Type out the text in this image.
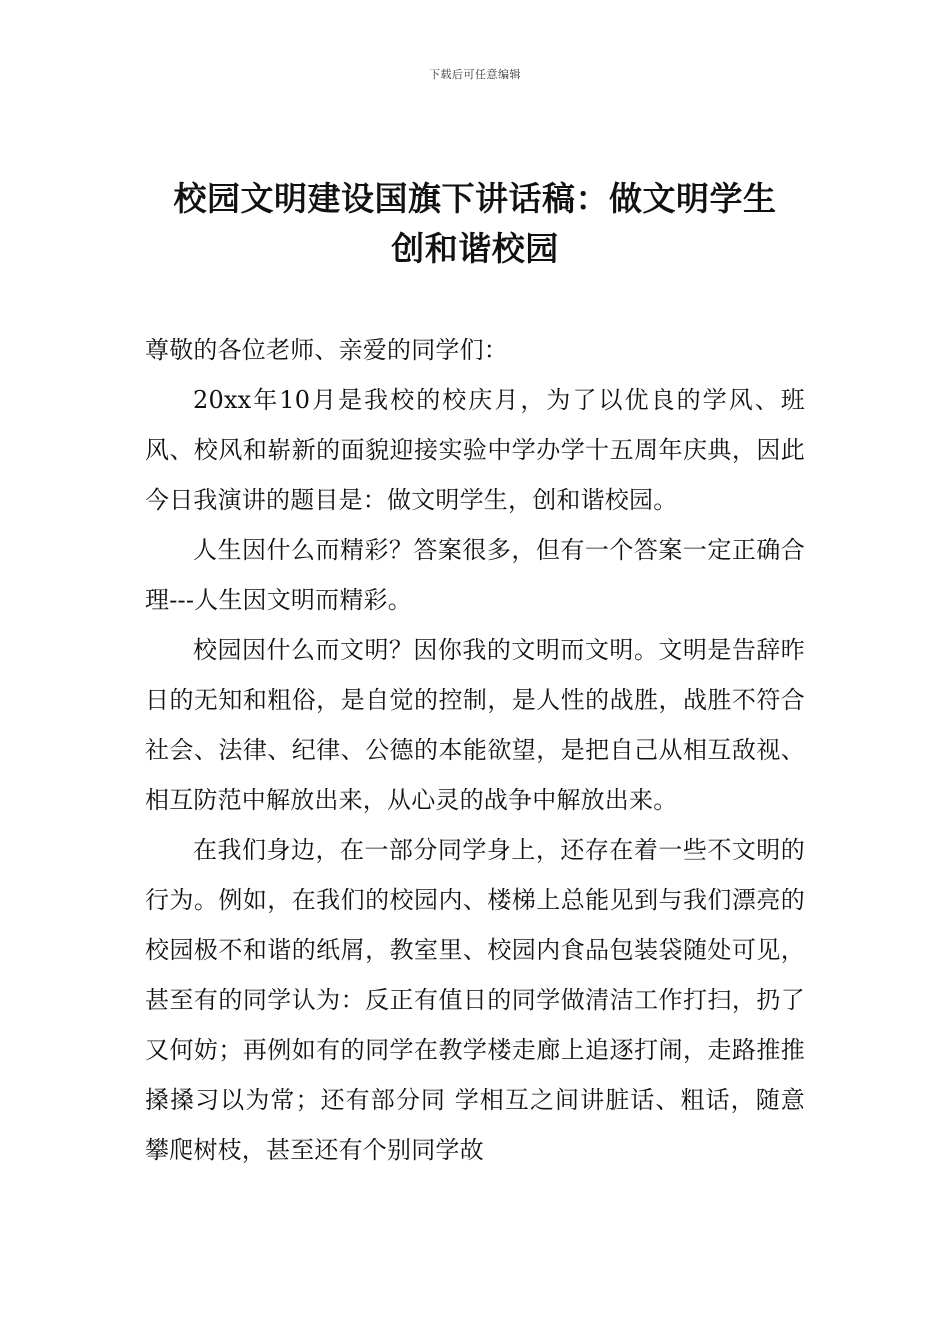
下载后可任意编辑
校园文明建设国旗下讲话稿：做文明学生
创和谐校园

尊敬的各位老师、亲爱的同学们：

20xx年10月是我校的校庆月，为了以优良的学风、班风、校风和崭新的面貌迎接实验中学办学十五周年庆典，因此今日我演讲的题目是：做文明学生，创和谐校园。

人生因什么而精彩？答案很多，但有一个答案一定正确合理---人生因文明而精彩。

校园因什么而文明？因你我的文明而文明。文明是告辞昨日的无知和粗俗，是自觉的控制，是人性的战胜，战胜不符合社会、法律、纪律、公德的本能欲望，是把自己从相互敌视、相互防范中解放出来，从心灵的战争中解放出来。

在我们身边，在一部分同学身上，还存在着一些不文明的行为。例如，在我们的校园内、楼梯上总能见到与我们漂亮的校园极不和谐的纸屑，教室里、校园内食品包装袋随处可见，甚至有的同学认为：反正有值日的同学做清洁工作打扫，扔了又何妨；再例如有的同学在教学楼走廊上追逐打闹，走路推推搡搡习以为常；还有部分同 学相互之间讲脏话、粗话，随意攀爬树枝，甚至还有个别同学故
